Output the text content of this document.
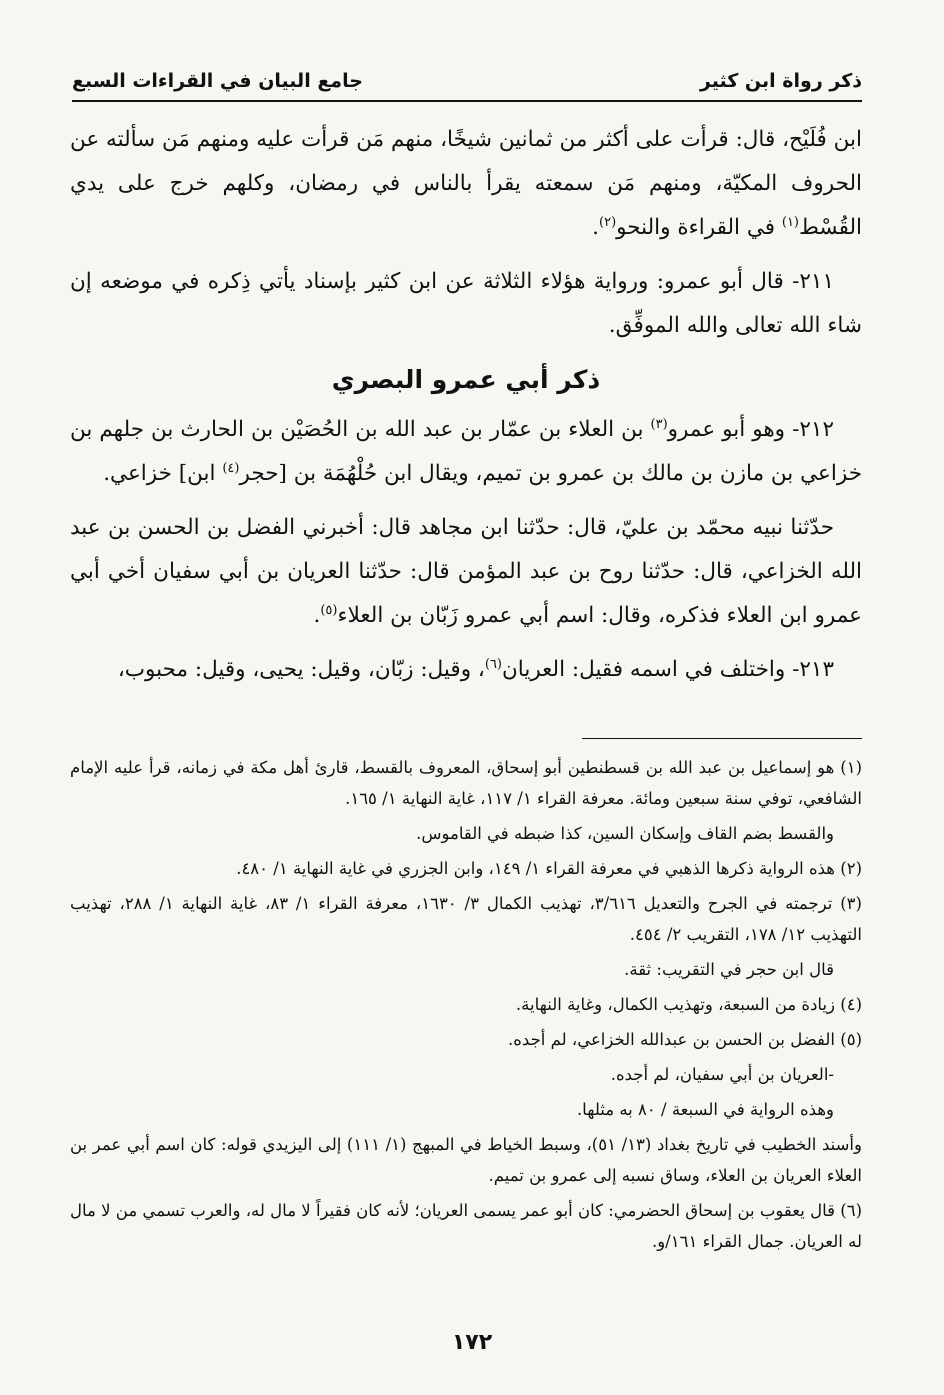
ذكر رواة ابن كثير
جامع البيان في القراءات السبع

ابن فُلَيْح، قال: قرأت على أكثر من ثمانين شيخًا، منهم مَن قرأت عليه ومنهم مَن سألته عن الحروف المكيّة، ومنهم مَن سمعته يقرأ بالناس في رمضان، وكلهم خرج على يدي القُسْط$^{(١)}$ في القراءة والنحو$^{(٢)}$.

٢١١- قال أبو عمرو: ورواية هؤلاء الثلاثة عن ابن كثير بإسناد يأتي ذِكره في موضعه إن شاء الله تعالى والله الموفِّق.

ذكر أبي عمرو البصري

٢١٢- وهو أبو عمرو$^{(٣)}$ بن العلاء بن عمّار بن عبد الله بن الحُصَيْن بن الحارث بن جلهم بن خزاعي بن مازن بن مالك بن عمرو بن تميم، ويقال ابن حُلْهُمَة بن [حجر$^{(٤)}$ ابن] خزاعي.

حدّثنا نبيه محمّد بن عليّ، قال: حدّثنا ابن مجاهد قال: أخبرني الفضل بن الحسن بن عبد الله الخزاعي، قال: حدّثنا روح بن عبد المؤمن قال: حدّثنا العريان بن أبي سفيان أخي أبي عمرو ابن العلاء فذكره، وقال: اسم أبي عمرو زَبّان بن العلاء$^{(٥)}$.

٢١٣- واختلف في اسمه فقيل: العريان$^{(٦)}$، وقيل: زبّان، وقيل: يحيى، وقيل: محبوب،

(١) هو إسماعيل بن عبد الله بن قسطنطين أبو إسحاق، المعروف بالقسط، قارئ أهل مكة في زمانه، قرأ عليه الإمام الشافعي، توفي سنة سبعين ومائة. معرفة القراء ١/ ١١٧، غاية النهاية ١/ ١٦٥.

والقسط بضم القاف وإسكان السين، كذا ضبطه في القاموس.

(٢) هذه الرواية ذكرها الذهبي في معرفة القراء ١/ ١٤٩، وابن الجزري في غاية النهاية ١/ ٤٨٠.

(٣) ترجمته في الجرح والتعديل ٣/٦١٦، تهذيب الكمال ٣/ ١٦٣٠، معرفة القراء ١/ ٨٣، غاية النهاية ١/ ٢٨٨، تهذيب التهذيب ١٢/ ١٧٨، التقريب ٢/ ٤٥٤.

قال ابن حجر في التقريب: ثقة.

(٤) زيادة من السبعة، وتهذيب الكمال، وغاية النهاية.

(٥) الفضل بن الحسن بن عبدالله الخزاعي، لم أجده.

-العريان بن أبي سفيان، لم أجده.

وهذه الرواية في السبعة / ٨٠ به مثلها.

وأسند الخطيب في تاريخ بغداد (١٣/ ٥١)، وسبط الخياط في المبهج (١/ ١١١) إلى اليزيدي قوله: كان اسم أبي عمر بن العلاء العريان بن العلاء، وساق نسبه إلى عمرو بن تميم.

(٦) قال يعقوب بن إسحاق الحضرمي: كان أبو عمر يسمى العريان؛ لأنه كان فقيراً لا مال له، والعرب تسمي من لا مال له العريان. جمال القراء ١٦١/و.

١٧٢
